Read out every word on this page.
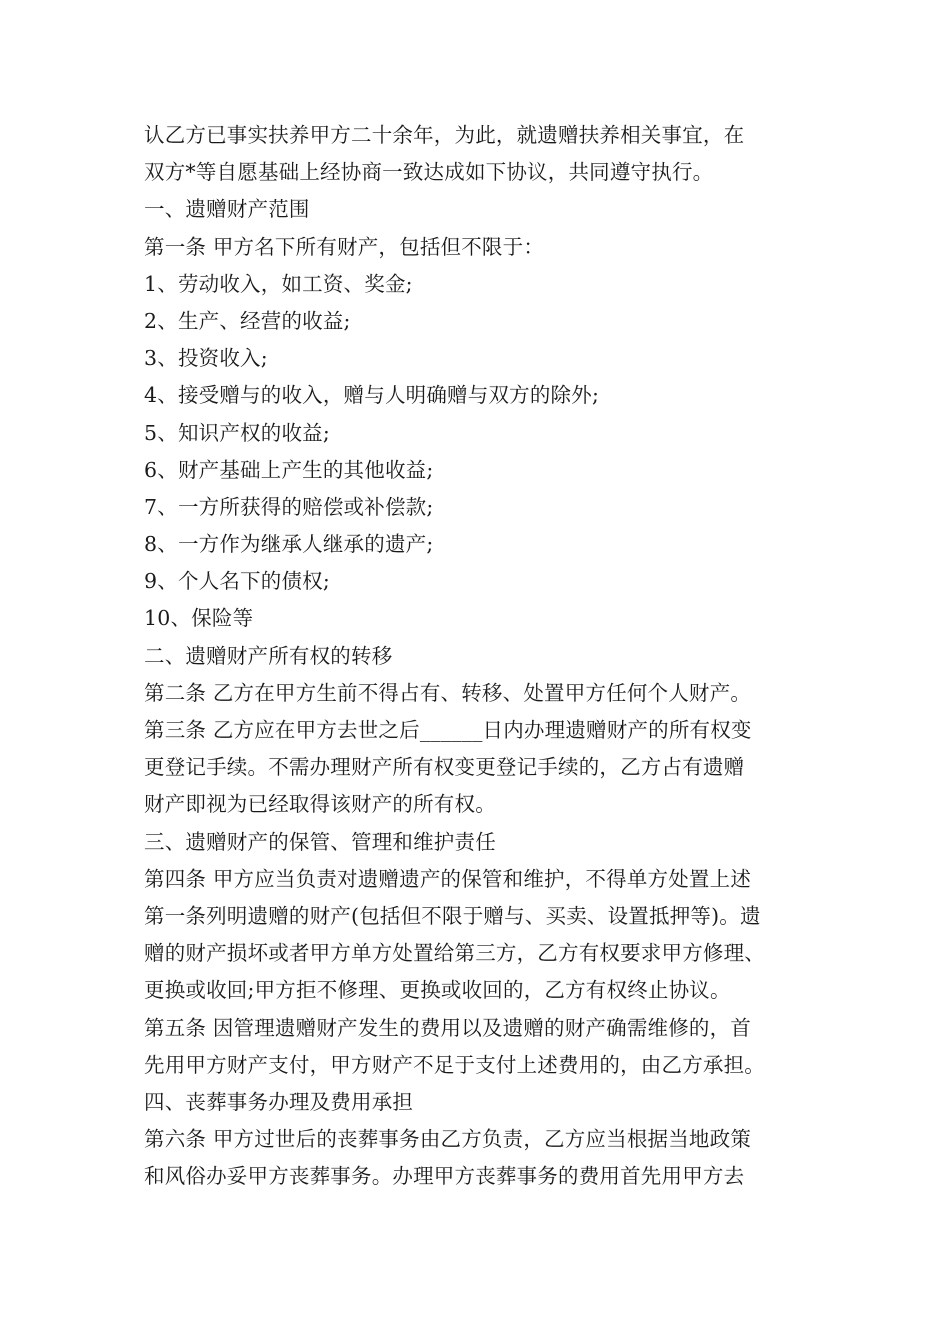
认乙方已事实扶养甲方二十余年，为此，就遗赠扶养相关事宜，在
双方*等自愿基础上经协商一致达成如下协议，共同遵守执行。
一、遗赠财产范围
第一条 甲方名下所有财产，包括但不限于：
1、劳动收入，如工资、奖金;
2、生产、经营的收益;
3、投资收入;
4、接受赠与的收入，赠与人明确赠与双方的除外;
5、知识产权的收益;
6、财产基础上产生的其他收益;
7、一方所获得的赔偿或补偿款;
8、一方作为继承人继承的遗产;
9、个人名下的债权;
10、保险等
二、遗赠财产所有权的转移
第二条 乙方在甲方生前不得占有、转移、处置甲方任何个人财产。
第三条 乙方应在甲方去世之后______日内办理遗赠财产的所有权变
更登记手续。不需办理财产所有权变更登记手续的，乙方占有遗赠
财产即视为已经取得该财产的所有权。
三、遗赠财产的保管、管理和维护责任
第四条 甲方应当负责对遗赠遗产的保管和维护，不得单方处置上述
第一条列明遗赠的财产(包括但不限于赠与、买卖、设置抵押等)。遗
赠的财产损坏或者甲方单方处置给第三方，乙方有权要求甲方修理、
更换或收回;甲方拒不修理、更换或收回的，乙方有权终止协议。
第五条 因管理遗赠财产发生的费用以及遗赠的财产确需维修的，首
先用甲方财产支付，甲方财产不足于支付上述费用的，由乙方承担。
四、丧葬事务办理及费用承担
第六条 甲方过世后的丧葬事务由乙方负责，乙方应当根据当地政策
和风俗办妥甲方丧葬事务。办理甲方丧葬事务的费用首先用甲方去
